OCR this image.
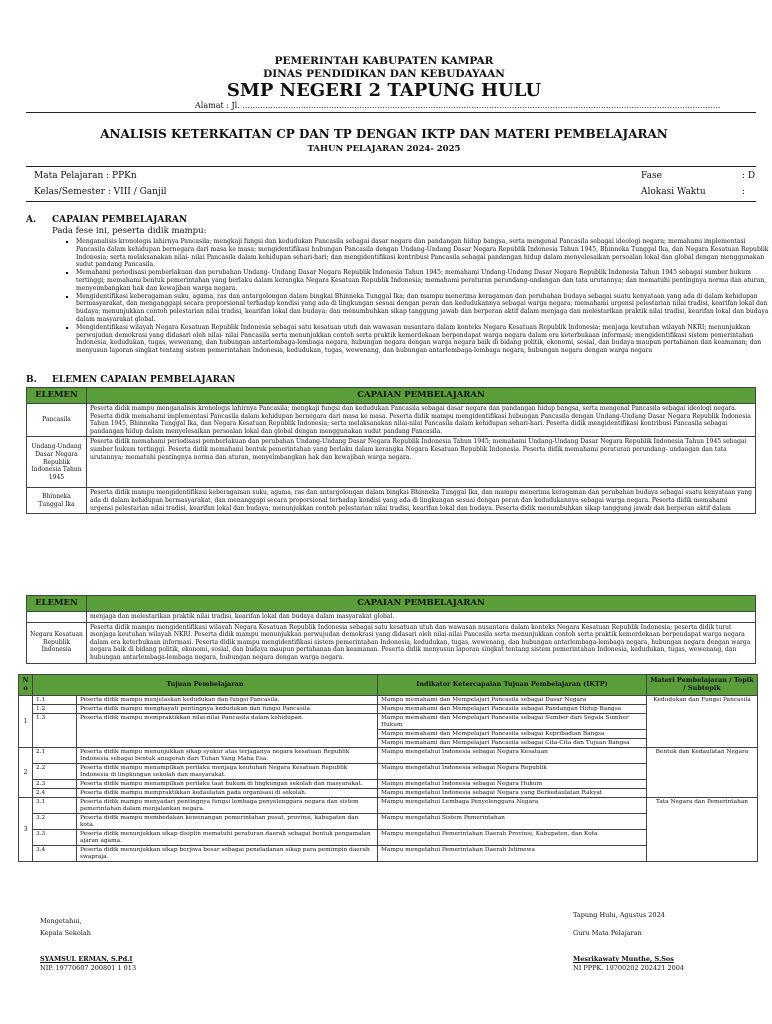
PEMERINTAH KABUPATEN KAMPAR
DINAS PENDIDIKAN DAN KEBUDAYAAN
SMP NEGERI 2 TAPUNG HULU
Alamat : Jl. ............................................................................................................................................................................................
ANALISIS KETERKAITAN CP DAN TP DENGAN IKTP DAN MATERI PEMBELAJARAN
TAHUN PELAJARAN 2024- 2025
Mata Pelajaran : PPKn
Kelas/Semester : VIII / Ganjil
Fase	: D
Alokasi Waktu	:
A. CAPAIAN PEMBELAJARAN
Pada fese ini, peserta didik mampu:
▪ Menganalisis kronologis lahirnya Pancasila; mengkaji fungsi dan kedudukan Pancasila sebagai dasar negara dan pandangan hidup bangsa, serta mengenal Pancasila sebagai ideologi negara; memahami implementasi Pancasila dalam kehidupan bernegara dari masa ke masa; mengidentifikasi hubungan Pancasila dengan Undang-Undang Dasar Negara Republik Indonesia Tahun 1945, Bhinneka Tunggal Ika, dan Negara Kesatuan Republik Indonesia; serta melaksanakan nilai- nilai Pancasila dalam kehidupan sehari-hari; dan mengidentifikasi kontribusi Pancasila sebagai pandangan hidup dalam menyelesaikan persoalan lokal dan global dengan menggunakan sudut pandang Pancasila.
▪ Memahami periodisasi pemberlakuan dan perubahan Undang- Undang Dasar Negara Republik Indonesia Tahun 1945; memahami Undang-Undang Dasar Negara Republik Indonesia Tahun 1945 sebagai sumber hukum tertinggi; memahami bentuk pemerintahan yang berlaku dalam kerangka Negara Kesatuan Republik Indonesia; memahami peraturan perundang-undangan dan tata urutannya; dan mematuhi pentingnya norma dan aturan, menyeimbangkan hak dan kewajiban warga negara.
▪ Mengidentifikasi keberagaman suku, agama, ras dan antargolongan dalam bingkai Bhinneka Tunggal Ika; dan mampu menerima keragaman dan perubahan budaya sebagai suatu kenyataan yang ada di dalam kehidupan bermasyarakat, dan menganggapi secara proporsional terhadap kondisi yang ada di lingkungan sesuai dengan peran dan kedudukannya sebagai warga negara; memahami urgensi pelestarian nilai tradisi, kearifan lokal dan budaya; menunjukkan contoh pelestarian nilai tradisi, kearifan lokal dan budaya; dan menumbuhkan sikap tanggung jawab dan berperan aktif dalam menjaga dan melestarikan praktik nilai tradisi, kearifan lokal dan budaya dalam masyarakat global.
▪ Mengidentifikasi wilayah Negara Kesatuan Republik Indonesia sebagai satu kesatuan utuh dan wawasan nusantara dalam konteks Negara Kesatuan Republik Indonesia; menjaga keutuhan wilayah NKRI; menunjukkan perwujudan demokrasi yang didasari oleh nilai- nilai Pancasila serta menunjukkan contoh serta praktik kemerdekaan berpendapat warga negara dalam era keterbukaan informasi; mengidentifikasi sistem pemerintahan Indonesia, kedudukan, tugas, wewenang, dan hubungan antarlembaga-lembaga negara, hubungan negara dengan warga negara baik di bidang politik, ekonomi, sosial, dan budaya maupun pertahanan dan keamanan; dan menyusun laporan singkat tentang sistem pemerintahan Indonesia, kedudukan, tugas, wewenang, dan hubungan antarlembaga-lembaga negara, hubungan negara dengan warga negara
B. ELEMEN CAPAIAN PEMBELAJARAN
ELEMEN	CAPAIAN PEMBELAJARAN
Pancasila	Peserta didik mampu menganalisis kronologis lahirnya Pancasila; mengkaji fungsi dan kedudukan Pancasila sebagai dasar negara dan pandangan hidup bangsa, serta mengenal Pancasila sebagai ideologi negara. Peserta didik memahami implementasi Pancasila dalam kehidupan bernegara dari masa ke masa. Peserta didik mampu mengidentifikasi hubungan Pancasila dengan Undang-Undang Dasar Negara Republik Indonesia Tahun 1945, Bhinneka Tunggal Ika, dan Negara Kesatuan Republik Indonesia; serta melaksanakan nilai-nilai Pancasila dalam kehidupan sehari-hari. Peserta didik mengidentifikasi kontribusi Pancasila sebagai pandangan hidup dalam menyelesaikan persoalan lokal dan global dengan menggunakan sudut pandang Pancasila.
Undang-Undang Dasar Negara Republik Indonesia Tahun 1945	Peserta didik memahami periodisasi pemberlakuan dan perubahan Undang-Undang Dasar Negara Republik Indonesia Tahun 1945; memahami Undang-Undang Dasar Negara Republik Indonesia Tahun 1945 sebagai sumber hukum tertinggi. Peserta didik memahami bentuk pemerintahan yang berlaku dalam kerangka Negara Kesatuan Republik Indonesia. Peserta didik memahami peraturan perundang- undangan dan tata urutannya; mematuhi pentingnya norma dan aturan, menyeimbangkan hak dan kewajiban warga negara.
Bhinneka Tunggal Ika	Peserta didik mampu mengidentifikasi keberagaman suku, agama, ras dan antargolongan dalam bingkai Bhinneka Tunggal Ika, dan mampu menerima keragaman dan perubahan budaya sebagai suatu kenyataan yang ada di dalam kehidupan bermasyarakat, dan menanggapi secara proporsional terhadap kondisi yang ada di lingkungan sesuai dengan peran dan kedudukannya sebagai warga negara. Peserta didik memahami urgensi pelestarian nilai tradisi, kearifan lokal dan budaya; menunjukkan contoh pelestarian nilai tradisi, kearifan lokal dan budaya. Peserta didik menumbuhkan sikap tanggung jawab dan berperan aktif dalam
ELEMEN	CAPAIAN PEMBELAJARAN
	menjaga dan melestarikan praktik nilai tradisi, kearifan lokal dan budaya dalam masyarakat global.
Negara Kesatuan Republik Indonesia	Peserta didik mampu mengidentifikasi wilayah Negara Kesatuan Republik Indonesia sebagai satu kesatuan utuh dan wawasan nusantara dalam konteks Negara Kesatuan Republik Indonesia; peserta didik turut menjaga keutuhan wilayah NKRI. Peserta didik mampu menunjukkan perwujudan demokrasi yang didasari oleh nilai-nilai Pancasila serta menunjukkan contoh serta praktik kemerdekaan berpendapat warga negara dalam era keterbukaan informasi. Peserta didik mampu mengidentifikasi sistem pemerintahan Indonesia, kedudukan, tugas, wewenang, dan hubungan antarlembaga-lembaga negara, hubungan negara dengan warga negara baik di bidang politik, ekonomi, sosial, dan budaya maupun pertahanan dan keamanan. Peserta didik menyusun laporan singkat tentang sistem pemerintahan Indonesia, kedudukan, tugas, wewenang, dan hubungan antarlembaga-lembaga negara, hubungan negara dengan warga negara.
N o	Tujuan Pembelajaran		Indikator Ketercapaian Tujuan Pembelajaran (IKTP)	Materi Pembelajaran / Topik / Subtopik
1	1.1	Peserta didik mampu menjelaskan kedudukan dan fungsi Pancasila.	Mampu memahami dan Mempelajari Pancasila sebagai Dasar Negara	Kedudukan dan Fungsi Pancasila
	1.2	Peserta didik mampu menghayati pentingnya kedudukan dan fungsi Pancasila.	Mampu memahami dan Mempelajari Pancasila sebagai Pandangan Hidup Bangsa	
	1.3	Peserta didik mampu mempraktikkan nilai-nilai Pancasila dalam kehidupan.	Mampu memahami dan Mempelajari Pancasila sebagai Sumber dari Segala Sumber Hukum	
			Mampu memahami dan Mempelajari Pancasila sebagai Kepribadian Bangsa	
			Mampu memahami dan Mempelajari Pancasila sebagai Cita-Cita dan Tujuan Bangsa	
2	2.1	Peserta didik mampu menunjukkan sikap syukur atas terjaganya negara kesatuan Republik Indonesia sebagai bentuk anugerah dari Tuhan Yang Maha Esa.	Mampu mengetahui Indonesia sebagai Negara Kesatuan	Bentuk dan Kedaulatan Negara
	2.2	Peserta didik mampu menampilkan perilaku menjaga keutuhan Negara Kesatuan Republik Indonesia di lingkungan sekolah dan masyarakat.	Mampu mengetahui Indonesia sebagai Negara Republik	
	2.3	Peserta didik mampu menampilkan perilaku taat hukum di lingkungan sekolah dan masyarakat.	Mampu mengetahui Indonesia sebagai Negara Hukum	
	2.4	Peserta didik mampu mempraktikkan kedaulatan pada organisasi di sekolah.	Mampu mengetahui Indonesia sebagai Negara yang Berkedaulatan Rakyat	
3	3.1	Peserta didik mampu menyadari pentingnya fungsi lembaga penyelenggara negara dan sistem pemerintahan dalam menjalankan negara.	Mampu mengetahui Lembaga Penyelenggara Negara	Tata Negara dan Pemerintahan
	3.2	Peserta didik mampu membedakan kewenangan pemerintahan pusat, provinsi, kabupaten dan kota.	Mampu mengetahui Sistem Pemerintahan	
	3.3	Peserta didik menunjukkan sikap disiplin mematuhi peraturan daerah sebagai bentuk pengamalan ajaran agama.	Mampu mengetahui Pemerintahan Daerah Provinsi, Kabupaten, dan Kota	
	3.4	Peserta didik menunjukkan sikap berjiwa besar sebagai peneladanan sikap para pemimpin daerah swapraja.	Mampu mengetahui Pemerintahan Daerah Istimewa	
Mengetahui,
Kepala Sekolah
SYAMSUL ERMAN, S.Pd.I
NIP. 19770607 200801 1 013
Tapung Hulu, Agustus 2024
Guru Mata Pelajaran
Mesrikawaty Munthe, S.Sos
NI PPPK. 19700202 202421 2004
